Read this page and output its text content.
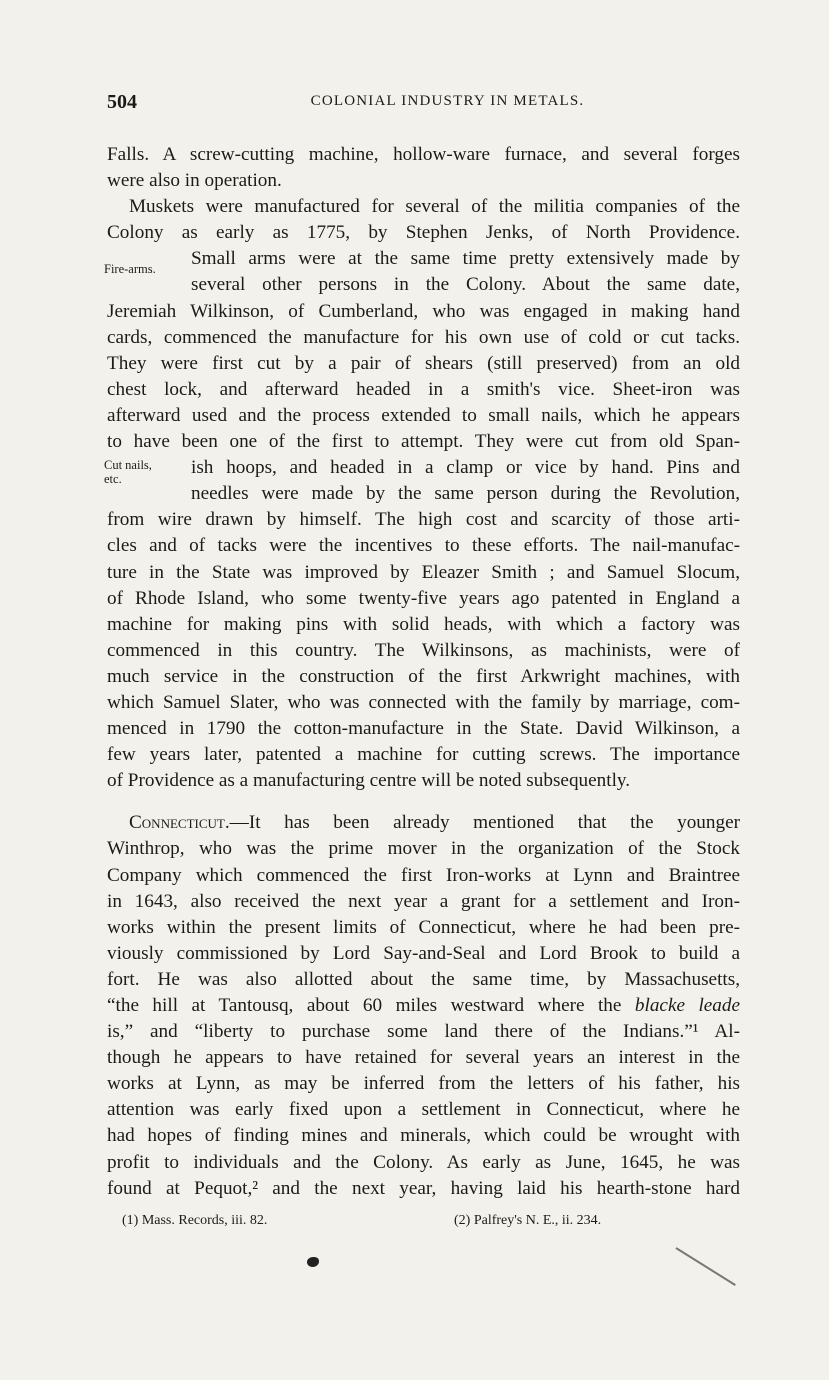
504	COLONIAL INDUSTRY IN METALS.
Fire-arms.
Cut nails,
etc.
Falls. A screw-cutting machine, hollow-ware furnace, and several forges
were also in operation.
Muskets were manufactured for several of the militia companies of the
Colony as early as 1775, by Stephen Jenks, of North Providence.
Small arms were at the same time pretty extensively made by
several other persons in the Colony. About the same date,
Jeremiah Wilkinson, of Cumberland, who was engaged in making hand
cards, commenced the manufacture for his own use of cold or cut tacks.
They were first cut by a pair of shears (still preserved) from an old
chest lock, and afterward headed in a smith's vice. Sheet-iron was
afterward used and the process extended to small nails, which he appears
to have been one of the first to attempt. They were cut from old Span-
ish hoops, and headed in a clamp or vice by hand. Pins and
needles were made by the same person during the Revolution,
from wire drawn by himself. The high cost and scarcity of those arti-
cles and of tacks were the incentives to these efforts. The nail-manufac-
ture in the State was improved by Eleazer Smith ; and Samuel Slocum,
of Rhode Island, who some twenty-five years ago patented in England a
machine for making pins with solid heads, with which a factory was
commenced in this country. The Wilkinsons, as machinists, were of
much service in the construction of the first Arkwright machines, with
which Samuel Slater, who was connected with the family by marriage, com-
menced in 1790 the cotton-manufacture in the State. David Wilkinson, a
few years later, patented a machine for cutting screws. The importance
of Providence as a manufacturing centre will be noted subsequently.
Connecticut.—It has been already mentioned that the younger
Winthrop, who was the prime mover in the organization of the Stock
Company which commenced the first Iron-works at Lynn and Braintree
in 1643, also received the next year a grant for a settlement and Iron-
works within the present limits of Connecticut, where he had been pre-
viously commissioned by Lord Say-and-Seal and Lord Brook to build a
fort. He was also allotted about the same time, by Massachusetts,
“the hill at Tantousq, about 60 miles westward where the blacke leade
is,” and “liberty to purchase some land there of the Indians.”¹ Al-
though he appears to have retained for several years an interest in the
works at Lynn, as may be inferred from the letters of his father, his
attention was early fixed upon a settlement in Connecticut, where he
had hopes of finding mines and minerals, which could be wrought with
profit to individuals and the Colony. As early as June, 1645, he was
found at Pequot,² and the next year, having laid his hearth-stone hard
(1) Mass. Records, iii. 82.	(2) Palfrey's N. E., ii. 234.
